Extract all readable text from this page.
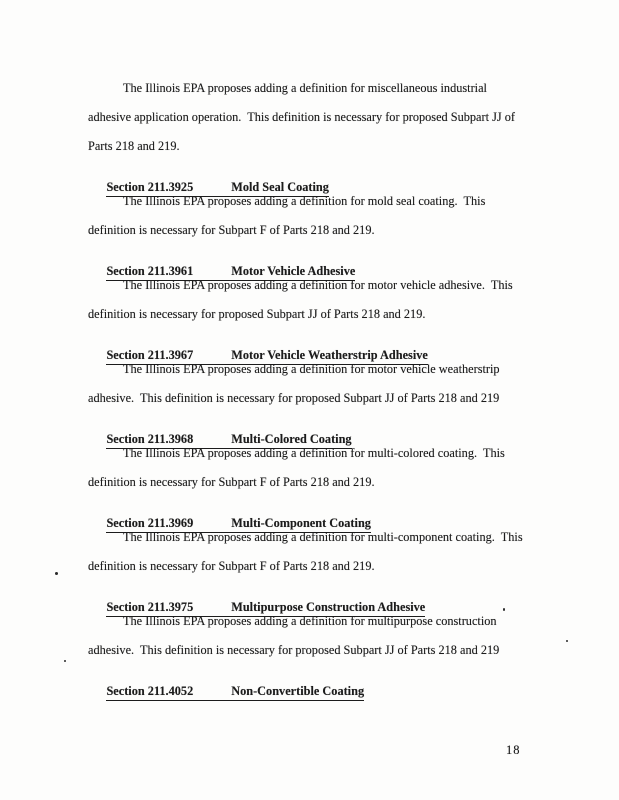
The Illinois EPA proposes adding a definition for miscellaneous industrial
adhesive application operation.  This definition is necessary for proposed Subpart JJ of
Parts 218 and 219.

Section 211.3925	Mold Seal Coating

The Illinois EPA proposes adding a definition for mold seal coating.  This
definition is necessary for Subpart F of Parts 218 and 219.

Section 211.3961	Motor Vehicle Adhesive

The Illinois EPA proposes adding a definition for motor vehicle adhesive.  This
definition is necessary for proposed Subpart JJ of Parts 218 and 219.

Section 211.3967	Motor Vehicle Weatherstrip Adhesive

The Illinois EPA proposes adding a definition for motor vehicle weatherstrip
adhesive.  This definition is necessary for proposed Subpart JJ of Parts 218 and 219

Section 211.3968	Multi-Colored Coating

The Illinois EPA proposes adding a definition for multi-colored coating.  This
definition is necessary for Subpart F of Parts 218 and 219.

Section 211.3969	Multi-Component Coating

The Illinois EPA proposes adding a definition for multi-component coating.  This
definition is necessary for Subpart F of Parts 218 and 219.

Section 211.3975	Multipurpose Construction Adhesive

The Illinois EPA proposes adding a definition for multipurpose construction
adhesive.  This definition is necessary for proposed Subpart JJ of Parts 218 and 219

Section 211.4052	Non-Convertible Coating

18
